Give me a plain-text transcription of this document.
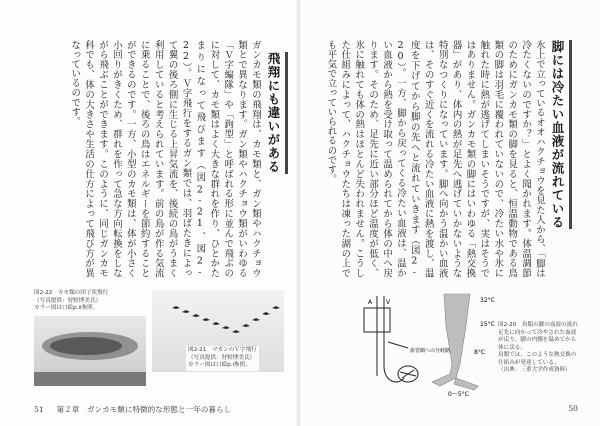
飛翔にも違いがある
ガンカモ類の飛翔は、カモ類と、ガン類やハクチョウ類とで異なります。ガン類やハクチョウ類がいわゆる「Ｖ字編隊」や「鉤型」と呼ばれる形に並んで飛ぶのに対して、カモ類はよく大きな群れを作り、ひとかたまりになって飛びます（図2-21、図2-22）。Ｖ字飛行をするガン類では、羽ばたきによって翼の後ろ側に生じる上昇気流を、後続の鳥がうまく利用していると考えられています。前の鳥が作る気流に乗ることで、後ろの鳥はエネルギーを節約することができるのです。一方、小型のカモ類は、体が小さく小回りがきくため、群れを作って急な方向転換をしながら飛ぶことができます。このように、同じガンカモ科でも、体の大きさや生活の仕方によって飛び方が異なっているのです。
図2-21　マガンのＶ字飛行
（写真提供：狩野博美氏）
カラー図は口絵p.i参照。
図2-22　カモ類の団子状飛行
（写真提供：狩野博美氏）
カラー図は口絵p.ii参照。
51 第２章　ガンカモ類に特徴的な形態と一年の暮らし
脚には冷たい血液が流れている
氷上で立っているオオハクチョウを見た人から、「脚は冷たくないのですか？」とよく聞かれます。体温調節のためにガンカモ類の脚を見ると、恒温動物である鳥類の脚は羽毛に覆われていないので、冷たい水や氷に触れた時に熱が逃げてしまいそうですが、実はそうではありません。ガンカモ類の脚にはいわゆる「熱交換器」があり、体内の熱が足先へ逃げていかないような特別なつくりになっています。脚へ向かう温かい血液は、そのすぐ近くを流れる冷たい血液に熱を渡し、温度を下げてから脚の先へと流れていきます（図2-20）。一方、脚から戻ってくる冷たい血液は、温かい血液から熱を受け取って温められてから体の中へ戻ります。そのため、足先に近い部分ほど温度が低く、氷に触れても体の熱はほとんど失われません。こうした仕組みによって、ハクチョウたちは凍った湖の上でも平気で立っていられるのです。
A V
血管網への分岐路
32°C
15°C
8°C
0〜5°C
図2-20　鳥類の脚の血液の流れ
足先に向かって冷やされた血液が戻り、脚の内側を温めてから体に戻る。
鳥類では、このような熱交換の仕組みが発達している。
（出典：三重大学作成資料）
50
